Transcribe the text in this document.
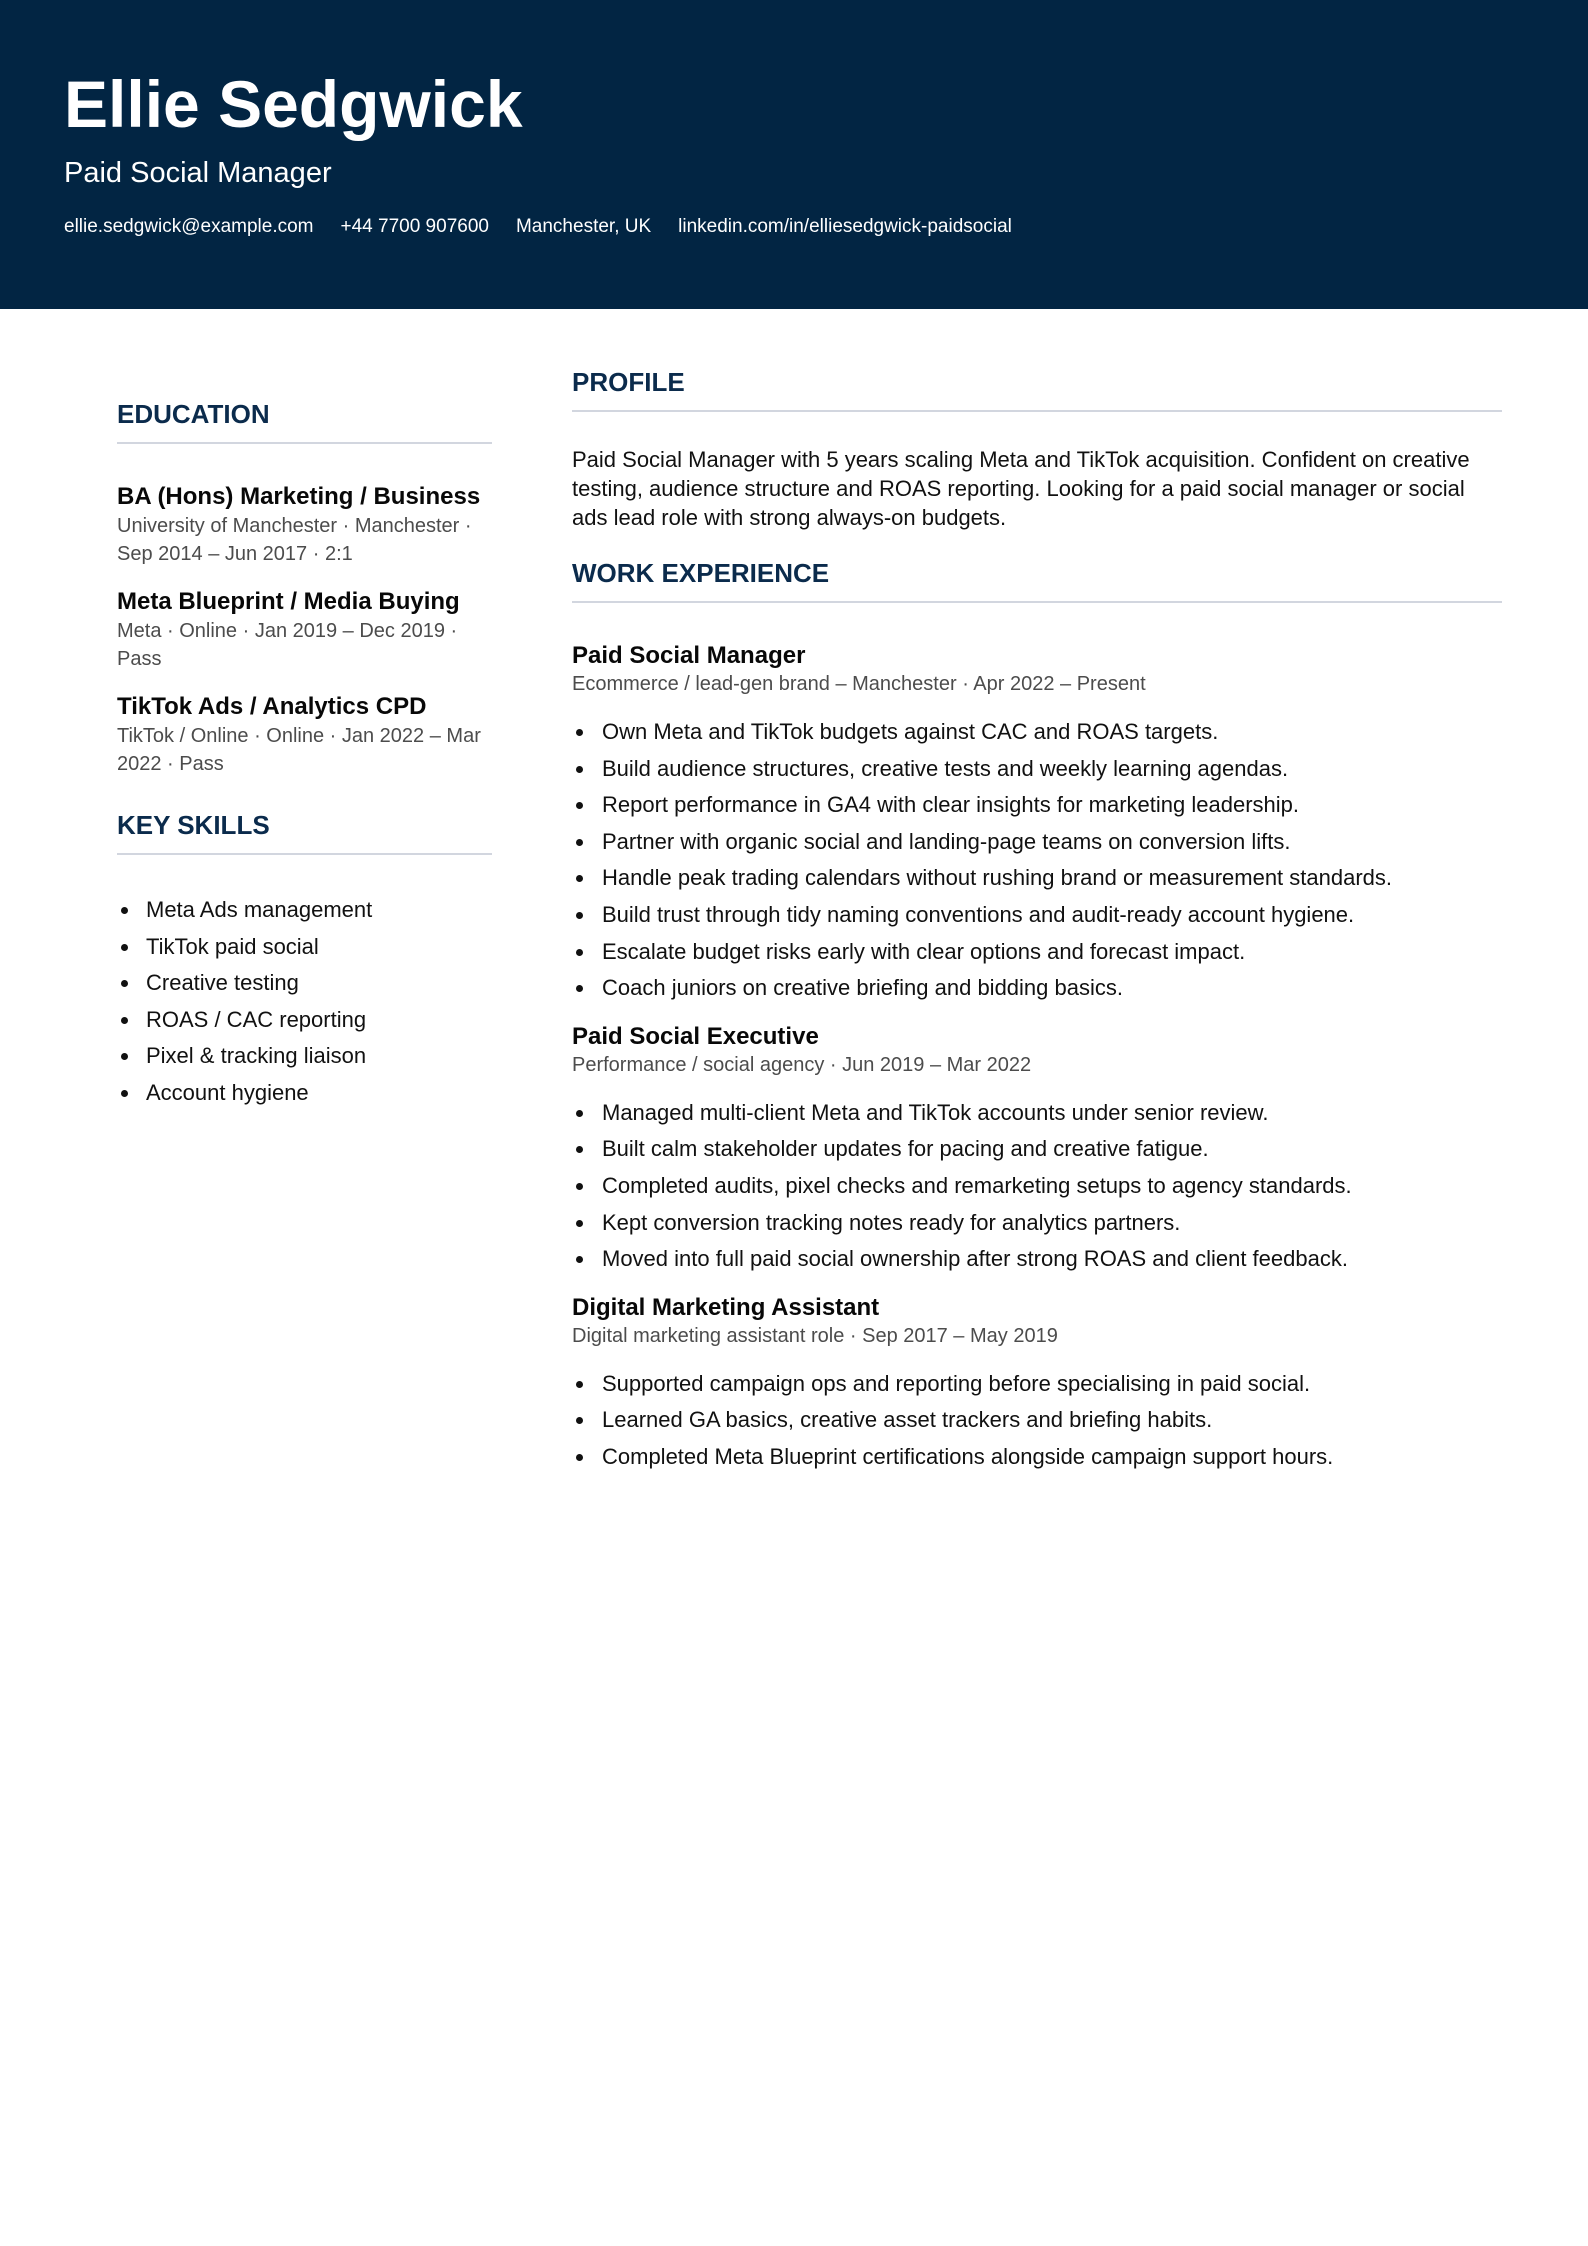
Ellie Sedgwick
Paid Social Manager
ellie.sedgwick@example.com +44 7700 907600 Manchester, UK linkedin.com/in/elliesedgwick-paidsocial
EDUCATION
BA (Hons) Marketing / Business
University of Manchester · Manchester · Sep 2014 – Jun 2017 · 2:1
Meta Blueprint / Media Buying
Meta · Online · Jan 2019 – Dec 2019 · Pass
TikTok Ads / Analytics CPD
TikTok / Online · Online · Jan 2022 – Mar 2022 · Pass
KEY SKILLS
Meta Ads management
TikTok paid social
Creative testing
ROAS / CAC reporting
Pixel & tracking liaison
Account hygiene
PROFILE

Paid Social Manager with 5 years scaling Meta and TikTok acquisition. Confident on creative testing, audience structure and ROAS reporting. Looking for a paid social manager or social ads lead role with strong always-on budgets.

WORK EXPERIENCE
Paid Social Manager
Ecommerce / lead-gen brand – Manchester · Apr 2022 – Present
Own Meta and TikTok budgets against CAC and ROAS targets.
Build audience structures, creative tests and weekly learning agendas.
Report performance in GA4 with clear insights for marketing leadership.
Partner with organic social and landing-page teams on conversion lifts.
Handle peak trading calendars without rushing brand or measurement standards.
Build trust through tidy naming conventions and audit-ready account hygiene.
Escalate budget risks early with clear options and forecast impact.
Coach juniors on creative briefing and bidding basics.
Paid Social Executive
Performance / social agency · Jun 2019 – Mar 2022
Managed multi-client Meta and TikTok accounts under senior review.
Built calm stakeholder updates for pacing and creative fatigue.
Completed audits, pixel checks and remarketing setups to agency standards.
Kept conversion tracking notes ready for analytics partners.
Moved into full paid social ownership after strong ROAS and client feedback.
Digital Marketing Assistant
Digital marketing assistant role · Sep 2017 – May 2019
Supported campaign ops and reporting before specialising in paid social.
Learned GA basics, creative asset trackers and briefing habits.
Completed Meta Blueprint certifications alongside campaign support hours.
